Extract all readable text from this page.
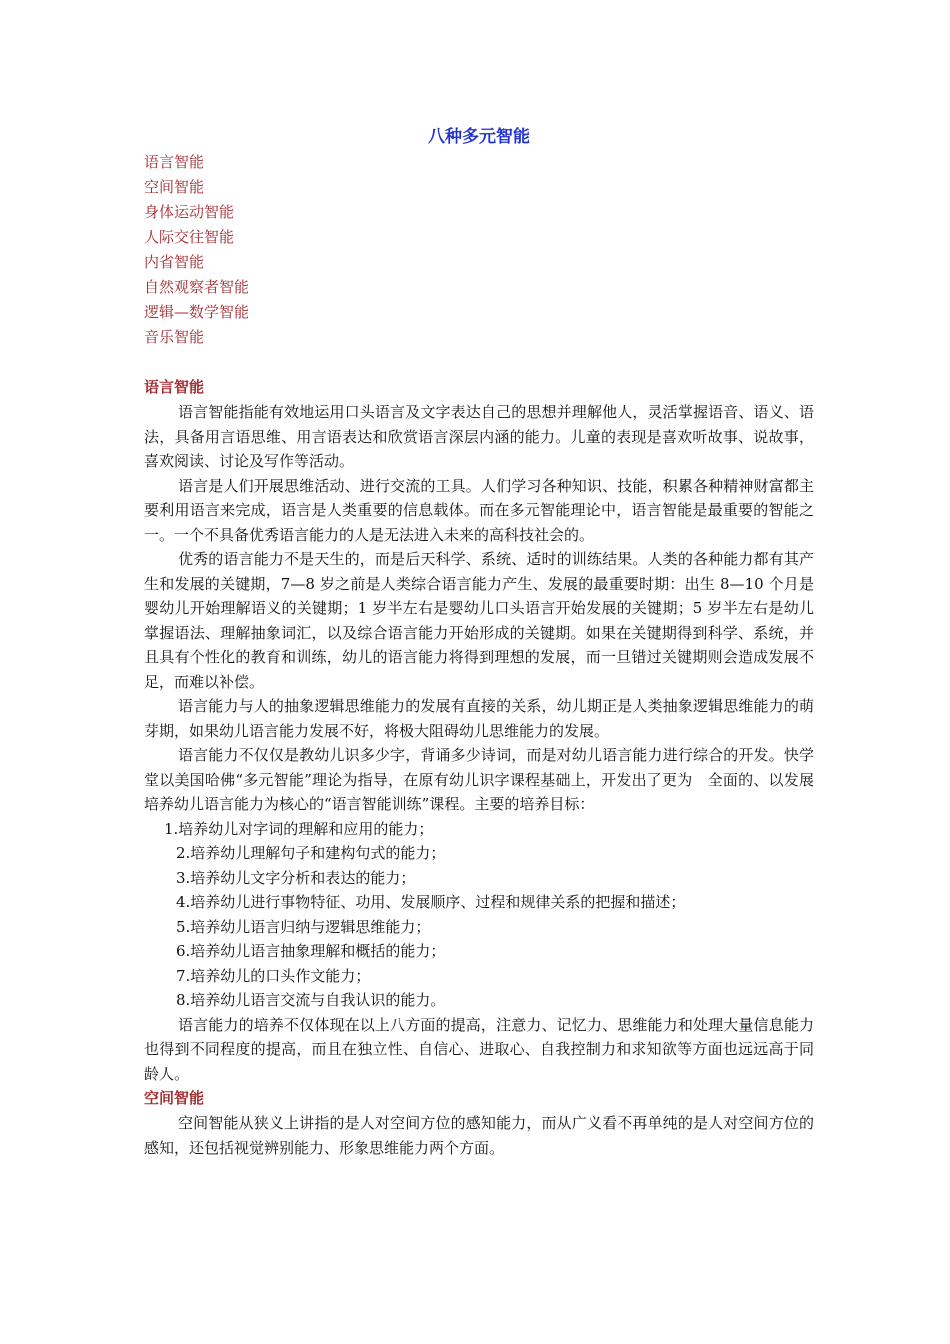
八种多元智能
语言智能
空间智能
身体运动智能
人际交往智能
内省智能
自然观察者智能
逻辑—数学智能
音乐智能
语言智能

语言智能指能有效地运用口头语言及文字表达自己的思想并理解他人，灵活掌握语音、语义、语法，具备用言语思维、用言语表达和欣赏语言深层内涵的能力。儿童的表现是喜欢听故事、说故事，喜欢阅读、讨论及写作等活动。

语言是人们开展思维活动、进行交流的工具。人们学习各种知识、技能，积累各种精神财富都主要利用语言来完成，语言是人类重要的信息载体。而在多元智能理论中，语言智能是最重要的智能之一。一个不具备优秀语言能力的人是无法进入未来的高科技社会的。

优秀的语言能力不是天生的，而是后天科学、系统、适时的训练结果。人类的各种能力都有其产生和发展的关键期，7—8 岁之前是人类综合语言能力产生、发展的最重要时期：出生 8—10 个月是婴幼儿开始理解语义的关键期；1 岁半左右是婴幼儿口头语言开始发展的关键期；5 岁半左右是幼儿掌握语法、理解抽象词汇，以及综合语言能力开始形成的关键期。如果在关键期得到科学、系统，并且具有个性化的教育和训练，幼儿的语言能力将得到理想的发展，而一旦错过关键期则会造成发展不足，而难以补偿。

语言能力与人的抽象逻辑思维能力的发展有直接的关系，幼儿期正是人类抽象逻辑思维能力的萌芽期，如果幼儿语言能力发展不好，将极大阻碍幼儿思维能力的发展。

语言能力不仅仅是教幼儿识多少字，背诵多少诗词，而是对幼儿语言能力进行综合的开发。快学堂以美国哈佛“多元智能”理论为指导，在原有幼儿识字课程基础上，开发出了更为　全面的、以发展培养幼儿语言能力为核心的“语言智能训练”课程。主要的培养目标：

1.培养幼儿对字词的理解和应用的能力；
2.培养幼儿理解句子和建构句式的能力；
3.培养幼儿文字分析和表达的能力；
4.培养幼儿进行事物特征、功用、发展顺序、过程和规律关系的把握和描述；
5.培养幼儿语言归纳与逻辑思维能力；
6.培养幼儿语言抽象理解和概括的能力；
7.培养幼儿的口头作文能力；
8.培养幼儿语言交流与自我认识的能力。

语言能力的培养不仅体现在以上八方面的提高，注意力、记忆力、思维能力和处理大量信息能力也得到不同程度的提高，而且在独立性、自信心、进取心、自我控制力和求知欲等方面也远远高于同龄人。

空间智能

空间智能从狭义上讲指的是人对空间方位的感知能力，而从广义看不再单纯的是人对空间方位的感知，还包括视觉辨别能力、形象思维能力两个方面。
